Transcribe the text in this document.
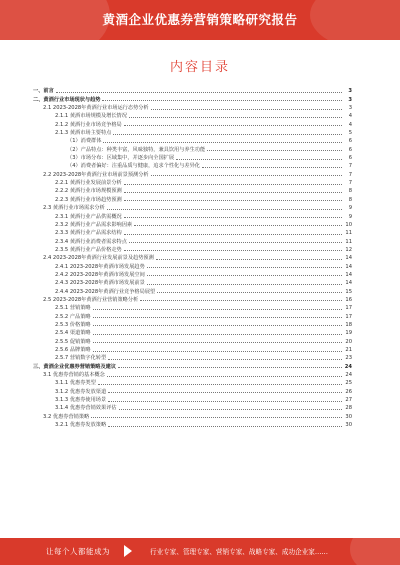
黄酒企业优惠券营销策略研究报告
内容目录
一、前言	3
二、黄酒行业市场现状与趋势	3
2.1 2023-2028年黄酒行业市场运行态势分析	3
2.1.1 黄酒市场规模及增长情况	4
2.1.2 黄酒行业市场竞争格局	4
2.1.3 黄酒市场主要特点	5
（1）消费群体	6
（2）产品特点：种类丰富，风味独特，兼具饮用与养生功能	6
（3）市场分布：区域集中，并逐步向全国扩展	6
（4）消费者偏好：注重品质与健康，追求个性化与差异化	7
2.2 2023-2028年黄酒行业市场前景预测分析	7
2.2.1 黄酒行业发展前景分析	7
2.2.2 黄酒行业市场规模预测	8
2.2.3 黄酒行业市场趋势预测	8
2.3 黄酒行业市场需求分析	9
2.3.1 黄酒行业产品供需概况	9
2.3.2 黄酒行业产品需求影响因素	10
2.3.3 黄酒行业产品需求结构	11
2.3.4 黄酒行业消费者需求特点	11
2.3.5 黄酒行业产品价格走势	12
2.4 2023-2028年黄酒行业发展前景及趋势预测	14
2.4.1 2023-2028年黄酒市场发展趋势	14
2.4.2 2023-2028年黄酒市场发展空间	14
2.4.3 2023-2028年黄酒市场发展前景	14
2.4.4 2023-2028年黄酒行业竞争格局展望	15
2.5 2023-2028年黄酒行业营销策略分析	16
2.5.1 营销策略	17
2.5.2 产品策略	17
2.5.3 价格策略	18
2.5.4 渠道策略	19
2.5.5 促销策略	20
2.5.6 品牌策略	21
2.5.7 营销数字化转型	23
三、黄酒企业优惠券营销策略及建议	24
3.1 优惠券营销的基本概念	24
3.1.1 优惠券类型	25
3.1.2 优惠券发放渠道	26
3.1.3 优惠券使用场景	27
3.1.4 优惠券营销效果评估	28
3.2 优惠券营销策略	30
3.2.1 优惠券发放策略	30
让每个人都能成为	行业专家、管理专家、营销专家、战略专家、成功企业家……
